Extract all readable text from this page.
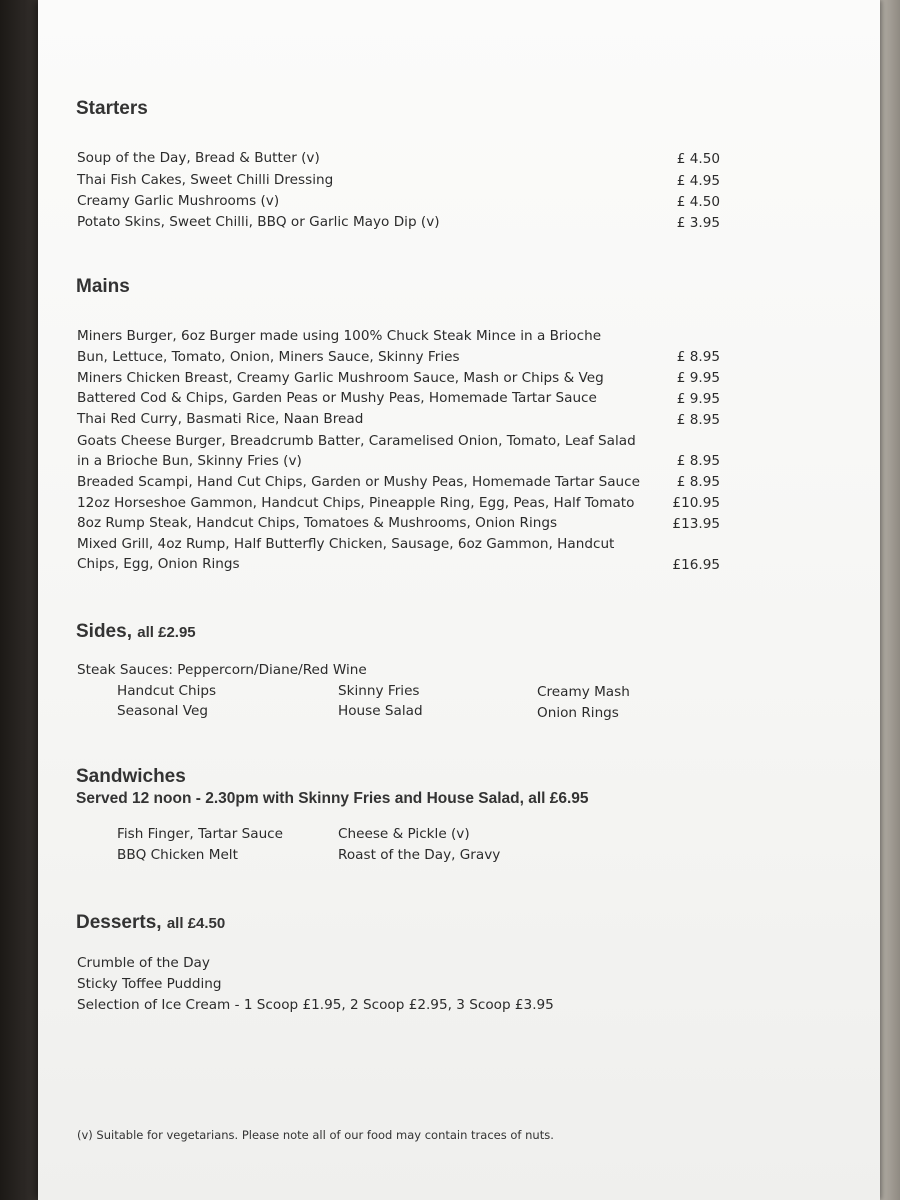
Starters
Soup of the Day, Bread & Butter (v)	£ 4.50
Thai Fish Cakes, Sweet Chilli Dressing	£ 4.95
Creamy Garlic Mushrooms (v)	£ 4.50
Potato Skins, Sweet Chilli, BBQ or Garlic Mayo Dip (v)	£ 3.95
Mains
Miners Burger, 6oz Burger made using 100% Chuck Steak Mince in a Brioche
Bun, Lettuce, Tomato, Onion, Miners Sauce, Skinny Fries	£ 8.95
Miners Chicken Breast, Creamy Garlic Mushroom Sauce, Mash or Chips & Veg	£ 9.95
Battered Cod & Chips, Garden Peas or Mushy Peas, Homemade Tartar Sauce	£ 9.95
Thai Red Curry, Basmati Rice, Naan Bread	£ 8.95
Goats Cheese Burger, Breadcrumb Batter, Caramelised Onion, Tomato, Leaf Salad
in a Brioche Bun, Skinny Fries (v)	£ 8.95
Breaded Scampi, Hand Cut Chips, Garden or Mushy Peas, Homemade Tartar Sauce	£ 8.95
12oz Horseshoe Gammon, Handcut Chips, Pineapple Ring, Egg, Peas, Half Tomato	£10.95
8oz Rump Steak, Handcut Chips, Tomatoes & Mushrooms, Onion Rings	£13.95
Mixed Grill, 4oz Rump, Half Butterfly Chicken, Sausage, 6oz Gammon, Handcut
Chips, Egg, Onion Rings	£16.95
Sides, all £2.95
Steak Sauces: Peppercorn/Diane/Red Wine
Handcut Chips
Seasonal Veg
Skinny Fries
House Salad
Creamy Mash
Onion Rings
Sandwiches
Served 12 noon - 2.30pm with Skinny Fries and House Salad, all £6.95
Fish Finger, Tartar Sauce
BBQ Chicken Melt
Cheese & Pickle (v)
Roast of the Day, Gravy
Desserts, all £4.50
Crumble of the Day
Sticky Toffee Pudding
Selection of Ice Cream - 1 Scoop £1.95, 2 Scoop £2.95, 3 Scoop £3.95
(v) Suitable for vegetarians. Please note all of our food may contain traces of nuts.
